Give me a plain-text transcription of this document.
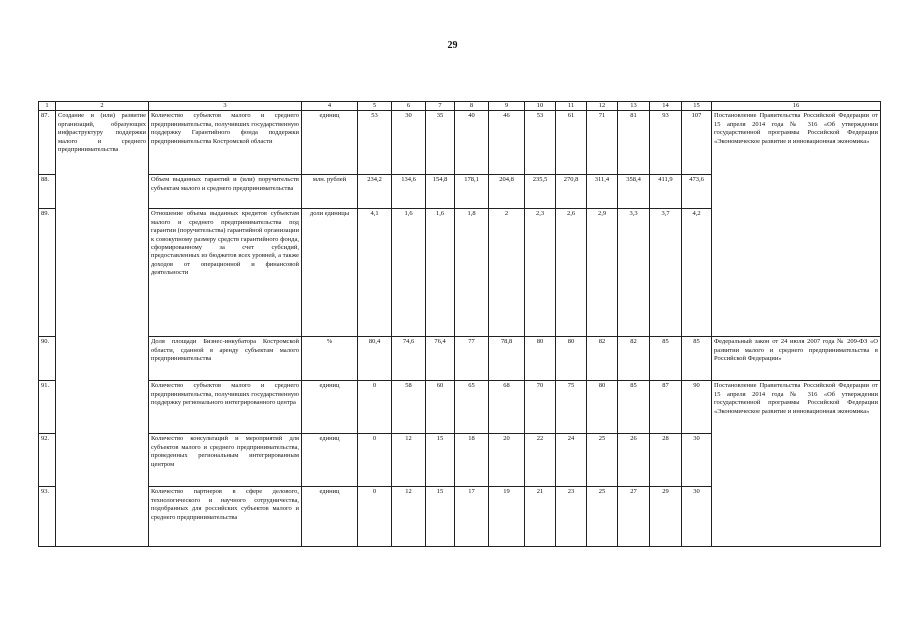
29
1	2	3	4	5	6	7	8	9	10	11	12	13	14	15	16
87.	Создание и (или) развитие организаций, образующих инфраструктуру поддержки малого и среднего предпринимательства	Количество субъектов малого и среднего предпринимательства, получивших государственную поддержку Гарантийного фонда поддержки предпринимательства Костромской области	единиц	53	30	35	40	46	53	61	71	81	93	107	Постановление Правительства Российской Федерации от 15 апреля 2014 года № 316 «Об утверждении государственной программы Российской Федерации «Экономическое развитие и инновационная экономика»
88.		Объем выданных гарантий и (или) поручительств субъектам малого и среднего предпринимательства	млн. рублей	234,2	134,6	154,8	178,1	204,8	235,5	270,8	311,4	358,4	411,9	473,6	
89.		Отношение объема выданных кредитов субъектам малого и среднего предпринимательства под гарантии (поручительства) гарантийной организации к совокупному размеру средств гарантийного фонда, сформированному за счет субсидий, предоставленных из бюджетов всех уровней, а также доходов от операционной и финансовой деятельности	доли единицы	4,1	1,6	1,6	1,8	2	2,3	2,6	2,9	3,3	3,7	4,2	
90.		Доля площади Бизнес-инкубатора Костромской области, сданной в аренду субъектам малого предпринимательства	%	80,4	74,6	76,4	77	78,8	80	80	82	82	85	85	Федеральный закон от 24 июля 2007 года № 209-ФЗ «О развитии малого и среднего предпринимательства в Российской Федерации»
91.		Количество субъектов малого и среднего предпринимательства, получивших государственную поддержку регионального интегрированного центра	единиц	0	58	60	65	68	70	75	80	85	87	90	Постановление Правительства Российской Федерации от 15 апреля 2014 года № 316 «Об утверждении государственной программы Российской Федерации «Экономическое развитие и инновационная экономика»
92.		Количество консультаций и мероприятий для субъектов малого и среднего предпринимательства, проведенных региональным интегрированным центром	единиц	0	12	15	18	20	22	24	25	26	28	30	
93.		Количество партнеров в сфере делового, технологического и научного сотрудничества, подобранных для российских субъектов малого и среднего предпринимательства	единиц	0	12	15	17	19	21	23	25	27	29	30	
